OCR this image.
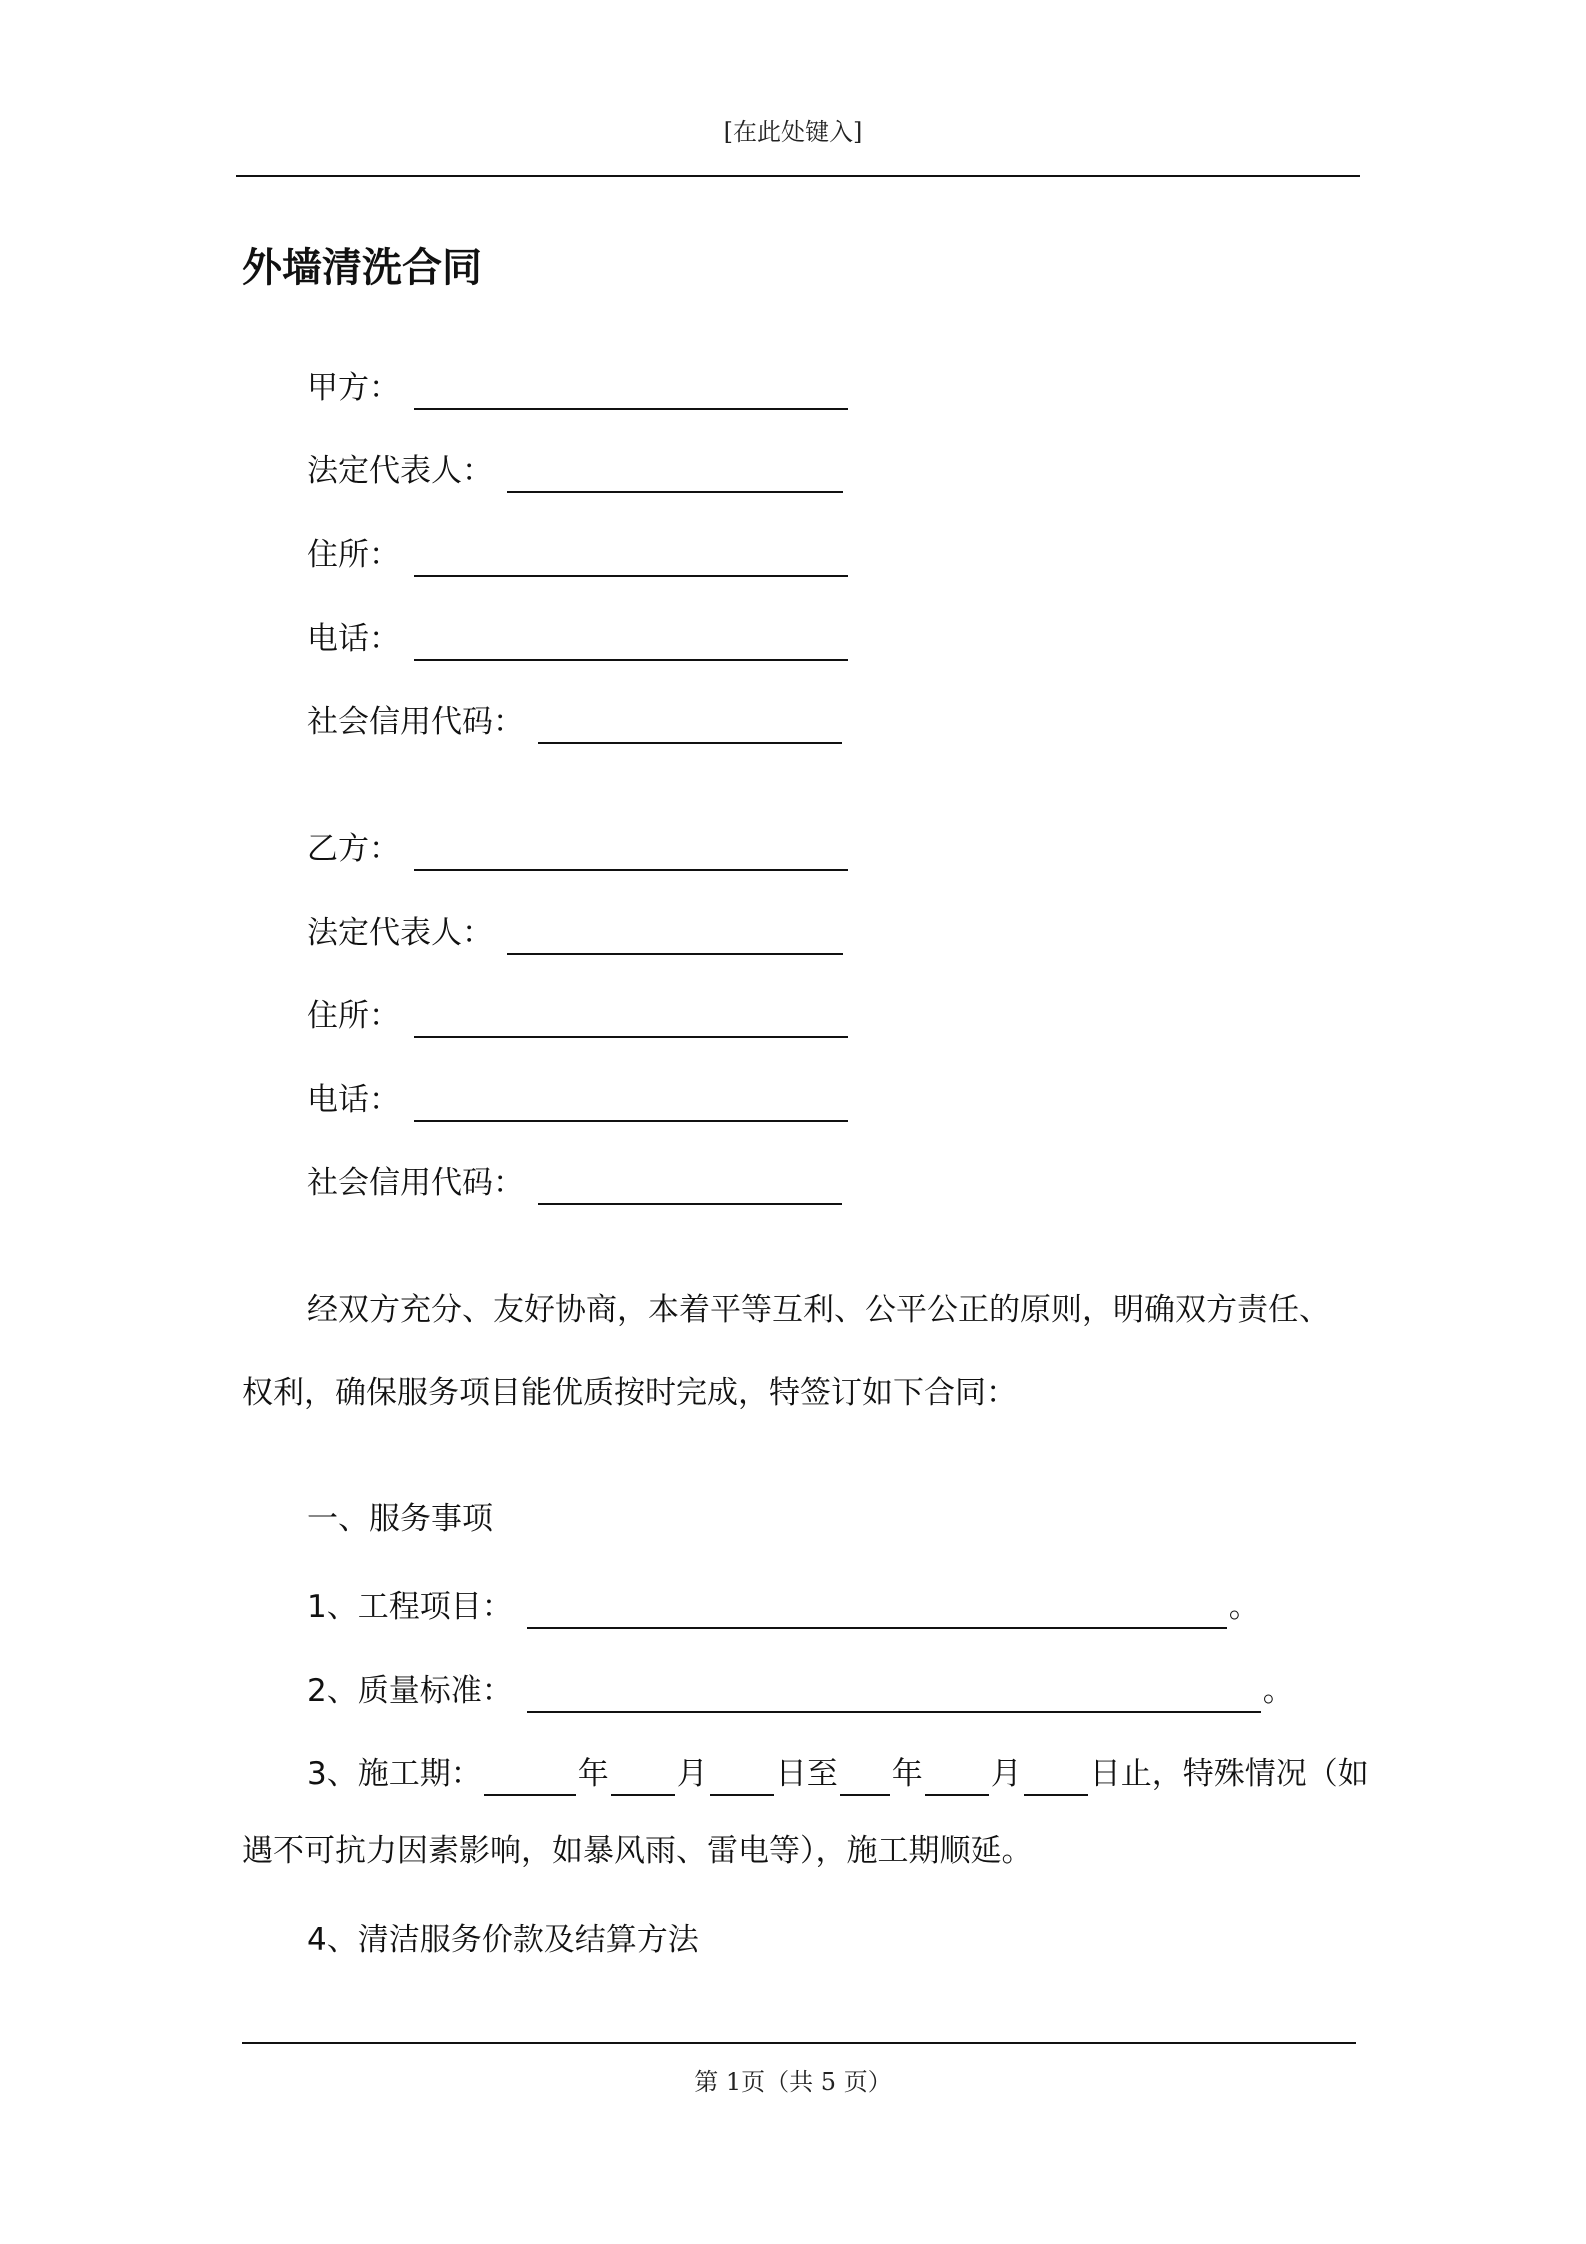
[在此处键入]
外墙清洗合同
甲方：
法定代表人：
住所：
电话：
社会信用代码：
乙方：
法定代表人：
住所：
电话：
社会信用代码：
经双方充分、友好协商，本着平等互利、公平公正的原则，明确双方责任、
权利，确保服务项目能优质按时完成，特签订如下合同：
一、服务事项
1、工程项目：	。
2、质量标准：	。
3、施工期：	年 月 日至 年 月 日止，特殊情况（如
遇不可抗力因素影响，如暴风雨、雷电等），施工期顺延。
4、清洁服务价款及结算方法
第 1页（共 5 页）
